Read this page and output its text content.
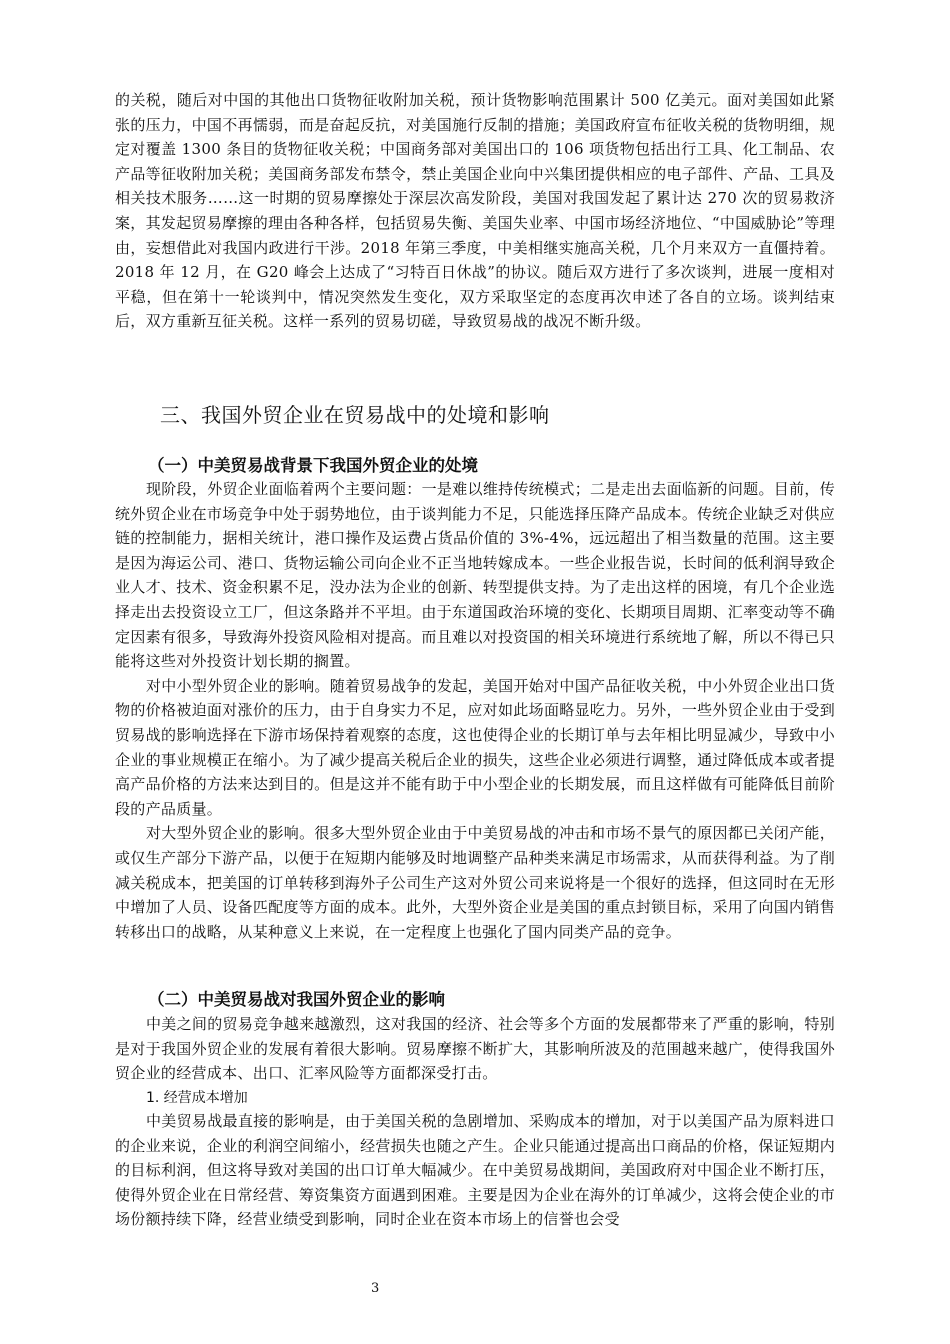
的关税，随后对中国的其他出口货物征收附加关税，预计货物影响范围累计 500 亿美元。面对美国如此紧张的压力，中国不再懦弱，而是奋起反抗，对美国施行反制的措施；美国政府宣布征收关税的货物明细，规定对覆盖 1300 条目的货物征收关税；中国商务部对美国出口的 106 项货物包括出行工具、化工制品、农产品等征收附加关税；美国商务部发布禁令，禁止美国企业向中兴集团提供相应的电子部件、产品、工具及相关技术服务……这一时期的贸易摩擦处于深层次高发阶段，美国对我国发起了累计达 270 次的贸易救济案，其发起贸易摩擦的理由各种各样，包括贸易失衡、美国失业率、中国市场经济地位、“中国威胁论”等理由，妄想借此对我国内政进行干涉。2018 年第三季度，中美相继实施高关税，几个月来双方一直僵持着。2018 年 12 月，在 G20 峰会上达成了“习特百日休战”的协议。随后双方进行了多次谈判，进展一度相对平稳，但在第十一轮谈判中，情况突然发生变化，双方采取坚定的态度再次申述了各自的立场。谈判结束后，双方重新互征关税。这样一系列的贸易切磋，导致贸易战的战况不断升级。

三、我国外贸企业在贸易战中的处境和影响
（一）中美贸易战背景下我国外贸企业的处境

现阶段，外贸企业面临着两个主要问题：一是难以维持传统模式；二是走出去面临新的问题。目前，传统外贸企业在市场竞争中处于弱势地位，由于谈判能力不足，只能选择压降产品成本。传统企业缺乏对供应链的控制能力，据相关统计，港口操作及运费占货品价值的 3%-4%，远远超出了相当数量的范围。这主要是因为海运公司、港口、货物运输公司向企业不正当地转嫁成本。一些企业报告说，长时间的低利润导致企业人才、技术、资金积累不足，没办法为企业的创新、转型提供支持。为了走出这样的困境，有几个企业选择走出去投资设立工厂，但这条路并不平坦。由于东道国政治环境的变化、长期项目周期、汇率变动等不确定因素有很多，导致海外投资风险相对提高。而且难以对投资国的相关环境进行系统地了解，所以不得已只能将这些对外投资计划长期的搁置。

对中小型外贸企业的影响。随着贸易战争的发起，美国开始对中国产品征收关税，中小外贸企业出口货物的价格被迫面对涨价的压力，由于自身实力不足，应对如此场面略显吃力。另外，一些外贸企业由于受到贸易战的影响选择在下游市场保持着观察的态度，这也使得企业的长期订单与去年相比明显减少，导致中小企业的事业规模正在缩小。为了减少提高关税后企业的损失，这些企业必须进行调整，通过降低成本或者提高产品价格的方法来达到目的。但是这并不能有助于中小型企业的长期发展，而且这样做有可能降低目前阶段的产品质量。

对大型外贸企业的影响。很多大型外贸企业由于中美贸易战的冲击和市场不景气的原因都已关闭产能，或仅生产部分下游产品，以便于在短期内能够及时地调整产品种类来满足市场需求，从而获得利益。为了削减关税成本，把美国的订单转移到海外子公司生产这对外贸公司来说将是一个很好的选择，但这同时在无形中增加了人员、设备匹配度等方面的成本。此外，大型外资企业是美国的重点封锁目标，采用了向国内销售转移出口的战略，从某种意义上来说，在一定程度上也强化了国内同类产品的竞争。

（二）中美贸易战对我国外贸企业的影响

中美之间的贸易竞争越来越激烈，这对我国的经济、社会等多个方面的发展都带来了严重的影响，特别是对于我国外贸企业的发展有着很大影响。贸易摩擦不断扩大，其影响所波及的范围越来越广，使得我国外贸企业的经营成本、出口、汇率风险等方面都深受打击。

1. 经营成本增加

中美贸易战最直接的影响是，由于美国关税的急剧增加、采购成本的增加，对于以美国产品为原料进口的企业来说，企业的利润空间缩小，经营损失也随之产生。企业只能通过提高出口商品的价格，保证短期内的目标利润，但这将导致对美国的出口订单大幅减少。在中美贸易战期间，美国政府对中国企业不断打压，使得外贸企业在日常经营、筹资集资方面遇到困难。主要是因为企业在海外的订单减少，这将会使企业的市场份额持续下降，经营业绩受到影响，同时企业在资本市场上的信誉也会受

3
